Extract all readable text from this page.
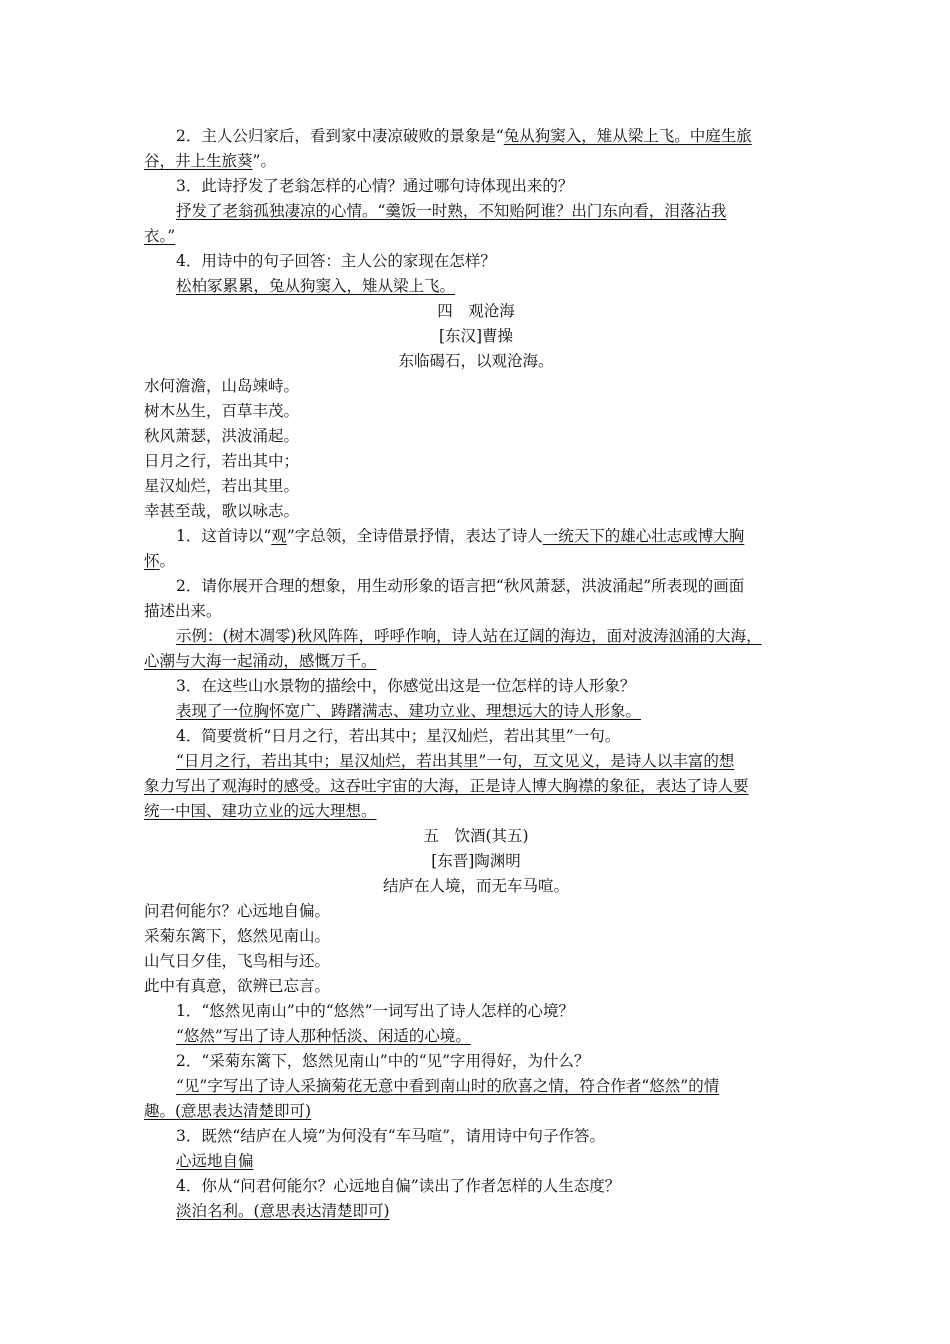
2．主人公归家后，看到家中凄凉破败的景象是“兔从狗窦入，雉从梁上飞。中庭生旅
谷，井上生旅葵”。
3．此诗抒发了老翁怎样的心情？通过哪句诗体现出来的？
抒发了老翁孤独凄凉的心情。“羹饭一时熟，不知贻阿谁？出门东向看，泪落沾我
衣。”
4．用诗中的句子回答：主人公的家现在怎样？
松柏冢累累，兔从狗窦入，雉从梁上飞。
四　观沧海
[东汉]曹操
东临碣石，以观沧海。
水何澹澹，山岛竦峙。
树木丛生，百草丰茂。
秋风萧瑟，洪波涌起。
日月之行，若出其中；
星汉灿烂，若出其里。
幸甚至哉，歌以咏志。
1．这首诗以“观”字总领，全诗借景抒情，表达了诗人一统天下的雄心壮志或博大胸
怀。
2．请你展开合理的想象，用生动形象的语言把“秋风萧瑟，洪波涌起”所表现的画面
描述出来。
示例：(树木凋零)秋风阵阵，呼呼作响，诗人站在辽阔的海边，面对波涛汹涌的大海，
心潮与大海一起涌动，感慨万千。
3．在这些山水景物的描绘中，你感觉出这是一位怎样的诗人形象？
表现了一位胸怀宽广、踌躇满志、建功立业、理想远大的诗人形象。
4．简要赏析“日月之行，若出其中；星汉灿烂，若出其里”一句。
“日月之行，若出其中；星汉灿烂，若出其里”一句，互文见义，是诗人以丰富的想
象力写出了观海时的感受。这吞吐宇宙的大海，正是诗人博大胸襟的象征，表达了诗人要
统一中国、建功立业的远大理想。
五　饮酒(其五)
[东晋]陶渊明
结庐在人境，而无车马喧。
问君何能尔？心远地自偏。
采菊东篱下，悠然见南山。
山气日夕佳，飞鸟相与还。
此中有真意，欲辨已忘言。
1．“悠然见南山”中的“悠然”一词写出了诗人怎样的心境？
“悠然”写出了诗人那种恬淡、闲适的心境。
2．“采菊东篱下，悠然见南山”中的“见”字用得好，为什么？
“见”字写出了诗人采摘菊花无意中看到南山时的欣喜之情，符合作者“悠然”的情
趣。(意思表达清楚即可)
3．既然“结庐在人境”为何没有“车马喧”，请用诗中句子作答。
心远地自偏
4．你从“问君何能尔？心远地自偏”读出了作者怎样的人生态度？
淡泊名利。(意思表达清楚即可)
